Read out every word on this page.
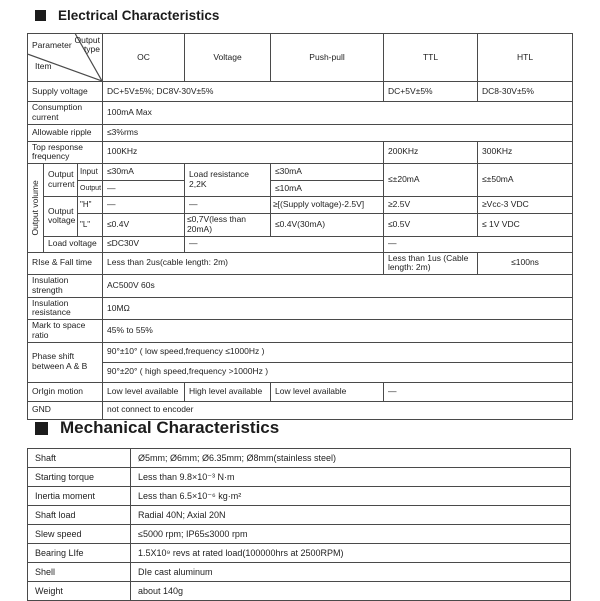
Electrical Characteristics
Parameter Output
type
Item			OC	Voltage	Push-pull	TTL	HTL
Supply voltage			DC+5V±5%; DC8V-30V±5%			DC+5V±5%	DC8-30V±5%
Consumption current			100mA Max				
Allowable ripple			≤3%rms				
Top response frequency			100KHz			200KHz	300KHz
Output volume	Output current	Input	≤30mA	Load resistance 2,2K	≤30mA	≤±20mA	≤±50mA
		Output	—		≤10mA		
	Output voltage	"H"	—	—	≥[(Supply voltage)-2.5V]	≥2.5V	≥Vcc-3 VDC
		"L"	≤0.4V	≤0,7V(less than 20mA)	≤0.4V(30mA)	≤0.5V	≤ 1V VDC
	Load voltage		≤DC30V	—		—	
RIse & Fall time			Less than 2us(cable length: 2m)			Less than 1us (Cable length: 2m)	≤100ns
Insulation strength			AC500V 60s				
Insulation resistance			10MΩ				
Mark to space ratio			45% to 55%				
Phase shift between A & B			90°±10° ( low speed,frequency ≤1000Hz )				
			90°±20° ( high speed,frequency >1000Hz )				
OrIgin motion			Low level available	High level available	Low level available	—	
GND			not connect to encoder				
Mechanical Characteristics
Shaft	Ø5mm; Ø6mm; Ø6.35mm; Ø8mm(stainless steel)
Starting torque	Less than 9.8×10⁻³ N·m
Inertia moment	Less than 6.5×10⁻⁶ kg·m²
Shaft load	Radial 40N; Axial 20N
Slew speed	≤5000 rpm; IP65≤3000 rpm
Bearing LIfe	1.5X10⁹ revs at rated load(100000hrs at 2500RPM)
Shell	DIe cast aluminum
Weight	about 140g
